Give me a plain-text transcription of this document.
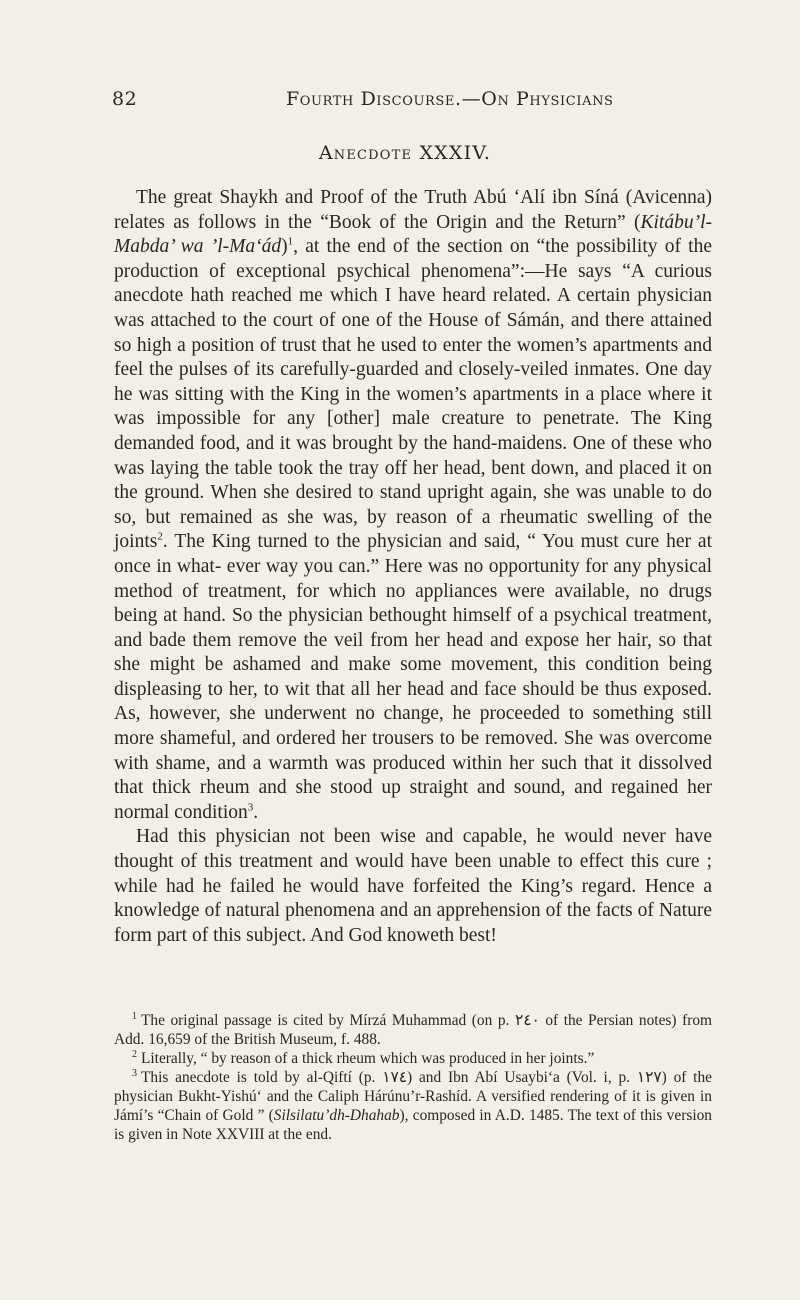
82	Fourth Discourse.—On Physicians
Anecdote XXXIV.

The great Shaykh and Proof of the Truth Abú ‘Alí ibn Síná (Avicenna) relates as follows in the “Book of the Origin and the Return” (Kitábu’l-Mabda’ wa ’l-Ma‘ád)$^1$, at the end of the section on “the possibility of the production of exceptional psychical phenomena”:—He says “A curious anecdote hath reached me which I have heard related. A certain physician was attached to the court of one of the House of Sámán, and there attained so high a position of trust that he used to enter the women’s apartments and feel the pulses of its carefully-guarded and closely-veiled inmates. One day he was sitting with the King in the women’s apartments in a place where it was impossible for any [other] male creature to penetrate. The King demanded food, and it was brought by the hand-maidens. One of these who was laying the table took the tray off her head, bent down, and placed it on the ground. When she desired to stand upright again, she was unable to do so, but remained as she was, by reason of a rheumatic swelling of the joints$^2$. The King turned to the physician and said, “ You must cure her at once in what- ever way you can.” Here was no opportunity for any physical method of treatment, for which no appliances were available, no drugs being at hand. So the physician bethought himself of a psychical treatment, and bade them remove the veil from her head and expose her hair, so that she might be ashamed and make some movement, this condition being displeasing to her, to wit that all her head and face should be thus exposed. As, however, she underwent no change, he proceeded to something still more shameful, and ordered her trousers to be removed. She was overcome with shame, and a warmth was produced within her such that it dissolved that thick rheum and she stood up straight and sound, and regained her normal condition$^3$.

Had this physician not been wise and capable, he would never have thought of this treatment and would have been unable to effect this cure ; while had he failed he would have forfeited the King’s regard. Hence a knowledge of natural phenomena and an apprehension of the facts of Nature form part of this subject. And God knoweth best!

$^1$ The original passage is cited by Mírzá Muhammad (on p. ٢٤٠ of the Persian notes) from Add. 16,659 of the British Museum, f. 488.

$^2$ Literally, “ by reason of a thick rheum which was produced in her joints.”

$^3$ This anecdote is told by al-Qiftí (p. ١٧٤) and Ibn Abí Usaybi‘a (Vol. i, p. ١٢٧) of the physician Bukht-Yishú‘ and the Caliph Hárúnu’r-Rashíd. A versified rendering of it is given in Jámí’s “Chain of Gold ” (Silsilatu’dh-Dhahab), composed in A.D. 1485. The text of this version is given in Note XXVIII at the end.
